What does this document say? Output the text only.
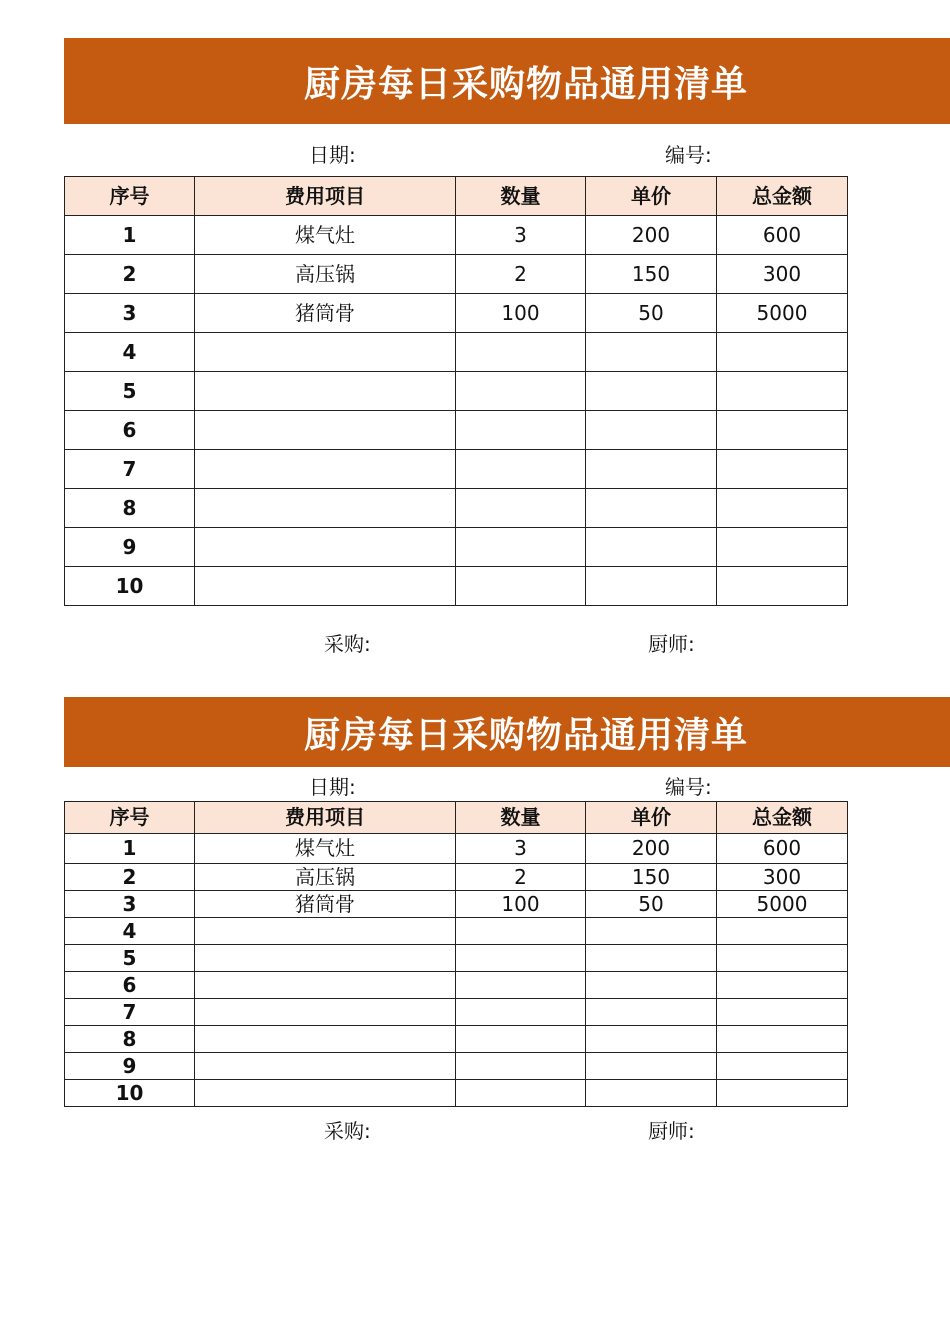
厨房每日采购物品通用清单
日期:	编号:
序号	费用项目	数量	单价	总金额
1	煤气灶	3	200	600
2	高压锅	2	150	300
3	猪筒骨	100	50	5000
4				
5				
6				
7				
8				
9				
10				
采购:	厨师:
厨房每日采购物品通用清单
日期:	编号:
序号	费用项目	数量	单价	总金额
1	煤气灶	3	200	600
2	高压锅	2	150	300
3	猪筒骨	100	50	5000
4				
5				
6				
7				
8				
9				
10				
采购:	厨师:
